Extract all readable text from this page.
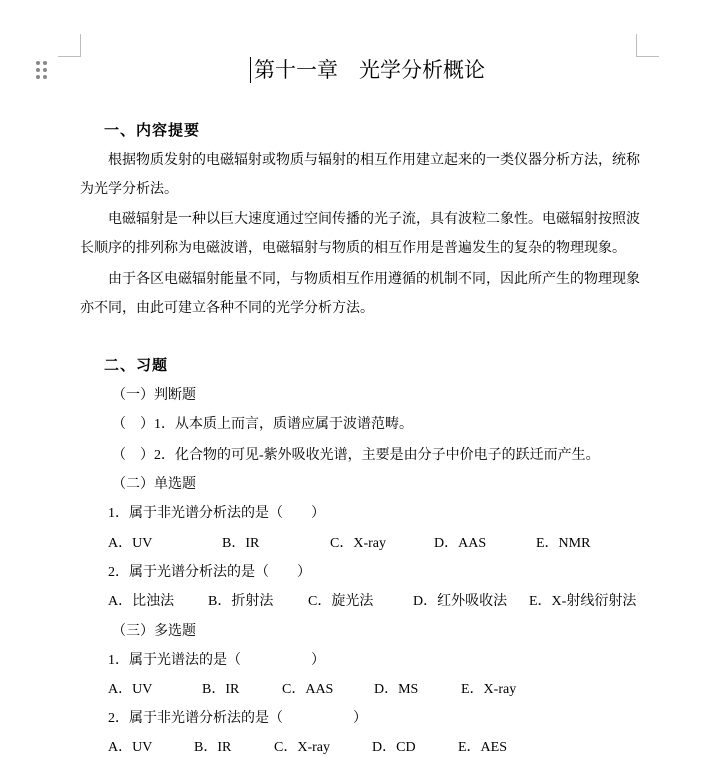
第十一章　光学分析概论
一、内容提要
根据物质发射的电磁辐射或物质与辐射的相互作用建立起来的一类仪器分析方法，统称
为光学分析法。
电磁辐射是一种以巨大速度通过空间传播的光子流，具有波粒二象性。电磁辐射按照波
长顺序的排列称为电磁波谱，电磁辐射与物质的相互作用是普遍发生的复杂的物理现象。
由于各区电磁辐射能量不同，与物质相互作用遵循的机制不同，因此所产生的物理现象
亦不同，由此可建立各种不同的光学分析方法。
二、习题
（一）判断题
（　）1．从本质上而言，质谱应属于波谱范畴。
（　）2．化合物的可见-紫外吸收光谱，主要是由分子中价电子的跃迁而产生。
（二）单选题
1．属于非光谱分析法的是（　　）
A．UV	B．IR	C．X-ray	D．AAS	E．NMR
2．属于光谱分析法的是（　　）
A．比浊法 B．折射法 C．旋光法	D．红外吸收法 E．X-射线衍射法
（三）多选题
1．属于光谱法的是（　　　　　）
A．UV	B．IR	C．AAS	D．MS	E．X-ray
2．属于非光谱分析法的是（　　　　　）
A．UV	B．IR	C．X-ray	D．CD	E．AES
